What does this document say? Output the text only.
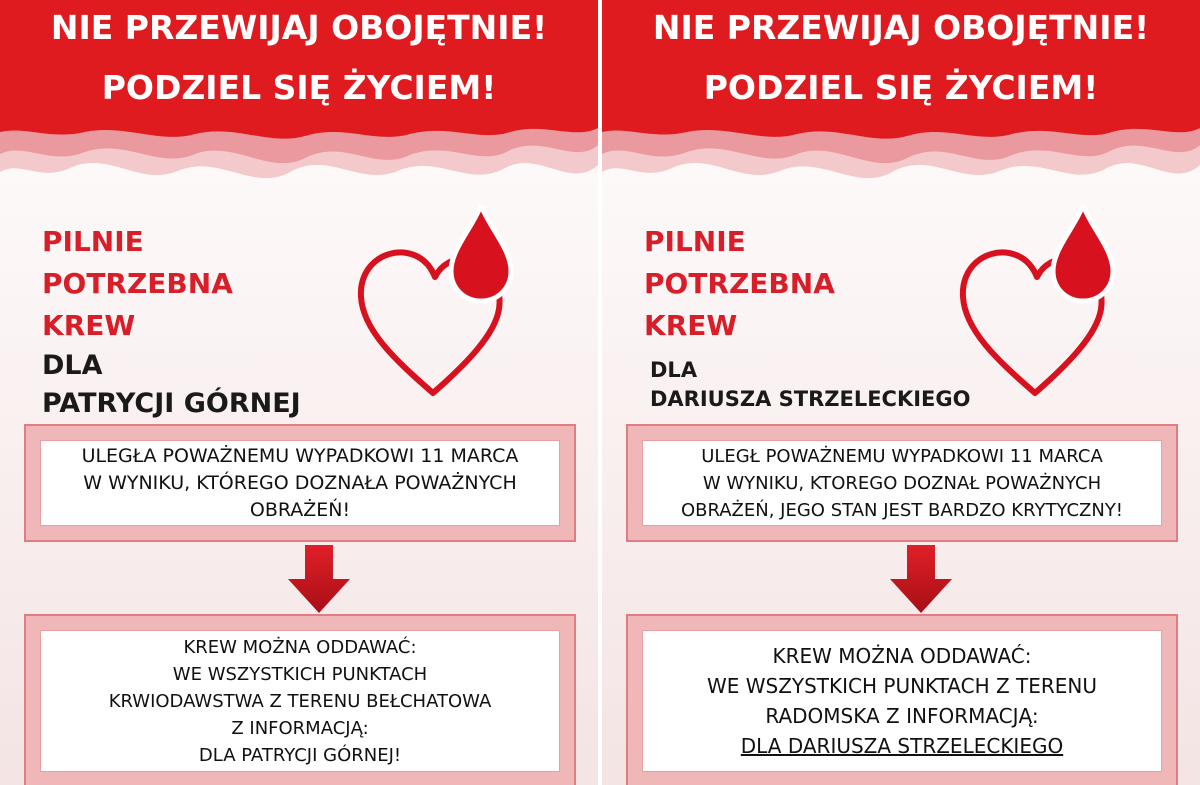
NIE PRZEWIJAJ OBOJĘTNIE!
PODZIEL SIĘ ŻYCIEM!
PILNIE
POTRZEBNA
KREW
DLA
PATRYCJI GÓRNEJ
ULEGŁA POWAŻNEMU WYPADKOWI 11 MARCA
W WYNIKU, KTÓREGO DOZNAŁA POWAŻNYCH
OBRAŻEŃ!
KREW MOŻNA ODDAWAĆ:
WE WSZYSTKICH PUNKTACH
KRWIODAWSTWA Z TERENU BEŁCHATOWA
Z INFORMACJĄ:
DLA PATRYCJI GÓRNEJ!
NIE PRZEWIJAJ OBOJĘTNIE!
PODZIEL SIĘ ŻYCIEM!
PILNIE
POTRZEBNA
KREW
DLA
DARIUSZA STRZELECKIEGO
ULEGŁ POWAŻNEMU WYPADKOWI 11 MARCA
W WYNIKU, KTOREGO DOZNAŁ POWAŻNYCH
OBRAŻEŃ, JEGO STAN JEST BARDZO KRYTYCZNY!
KREW MOŻNA ODDAWAĆ:
WE WSZYSTKICH PUNKTACH Z TERENU
RADOMSKA Z INFORMACJĄ:
DLA DARIUSZA STRZELECKIEGO
